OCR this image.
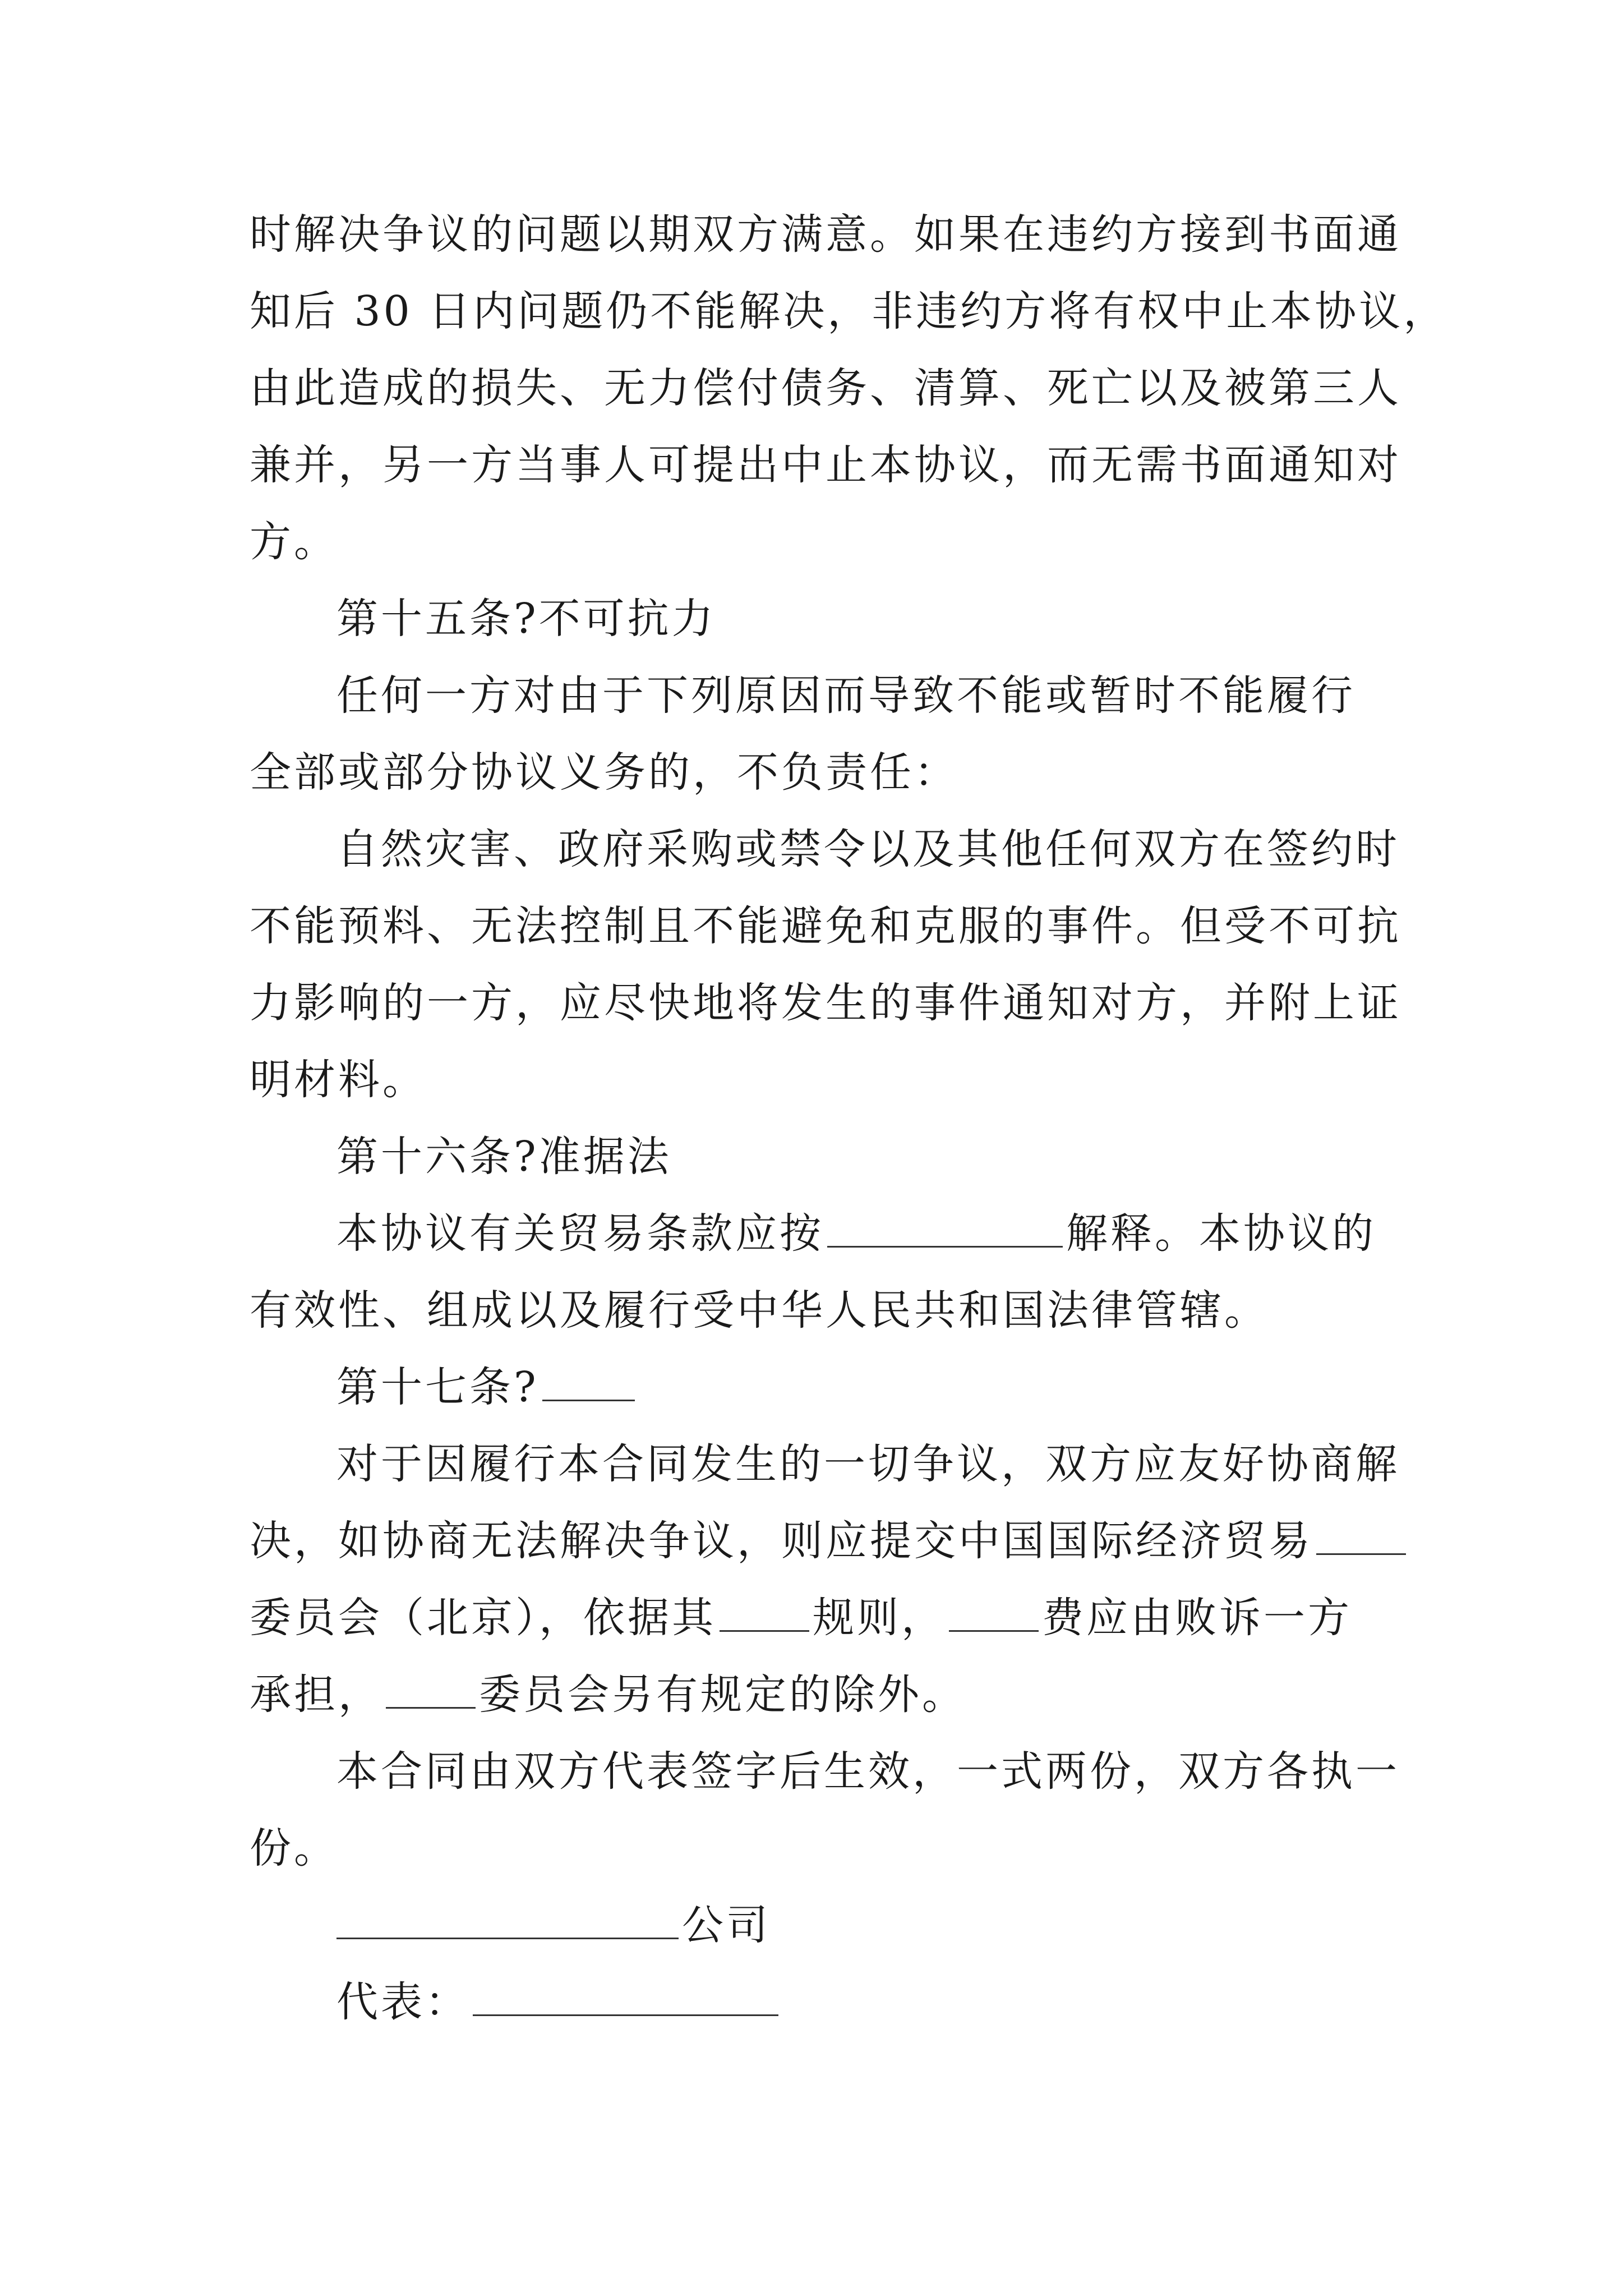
时解决争议的问题以期双方满意。如果在违约方接到书面通
知后 30 日内问题仍不能解决，非违约方将有权中止本协议，
由此造成的损失、无力偿付债务、清算、死亡以及被第三人
兼并，另一方当事人可提出中止本协议，而无需书面通知对
方。
第十五条?不可抗力
任何一方对由于下列原因而导致不能或暂时不能履行
全部或部分协议义务的，不负责任：
自然灾害、政府采购或禁令以及其他任何双方在签约时
不能预料、无法控制且不能避免和克服的事件。但受不可抗
力影响的一方，应尽快地将发生的事件通知对方，并附上证
明材料。
第十六条?准据法
本协议有关贸易条款应按	解释。本协议的
有效性、组成以及履行受中华人民共和国法律管辖。
第十七条?
对于因履行本合同发生的一切争议，双方应友好协商解
决，如协商无法解决争议，则应提交中国国际经济贸易
委员会（北京），依据其 规则， 费应由败诉一方
承担， 委员会另有规定的除外。
本合同由双方代表签字后生效，一式两份，双方各执一
份。
公司
代表：
